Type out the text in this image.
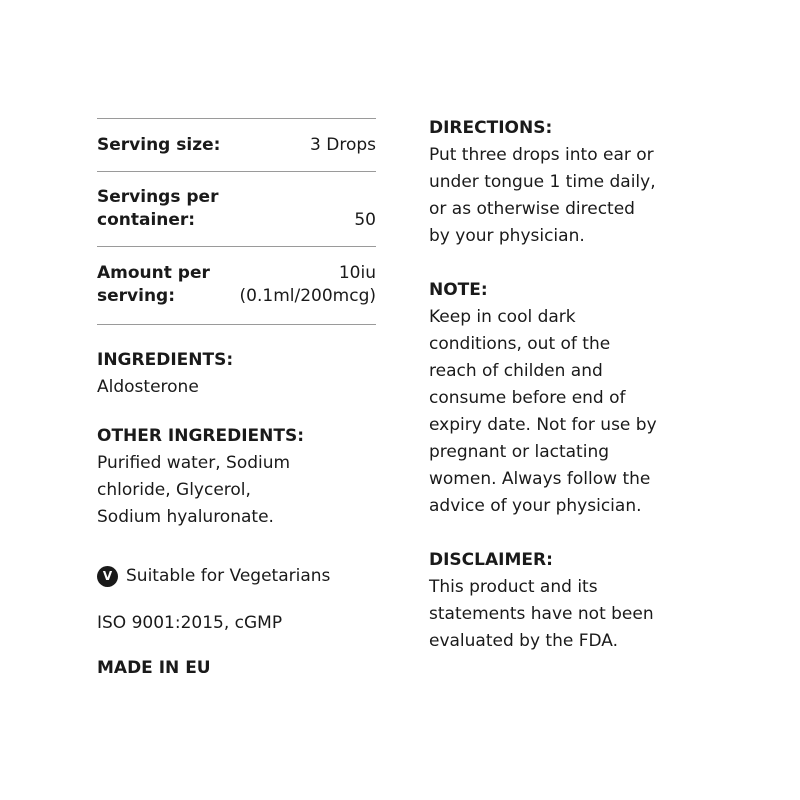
Serving size:	3 Drops
Servings per
container:	50
Amount per
serving:
10iu
(0.1ml/200mcg)

INGREDIENTS:

Aldosterone

OTHER INGREDIENTS:

Purified water, Sodium

chloride, Glycerol,

Sodium hyaluronate.

V Suitable for Vegetarians
ISO 9001:2015, cGMP
MADE IN EU

DIRECTIONS:

Put three drops into ear or

under tongue 1 time daily,

or as otherwise directed

by your physician.

NOTE:

Keep in cool dark

conditions, out of the

reach of childen and

consume before end of

expiry date. Not for use by

pregnant or lactating

women. Always follow the

advice of your physician.

DISCLAIMER:

This product and its

statements have not been

evaluated by the FDA.
